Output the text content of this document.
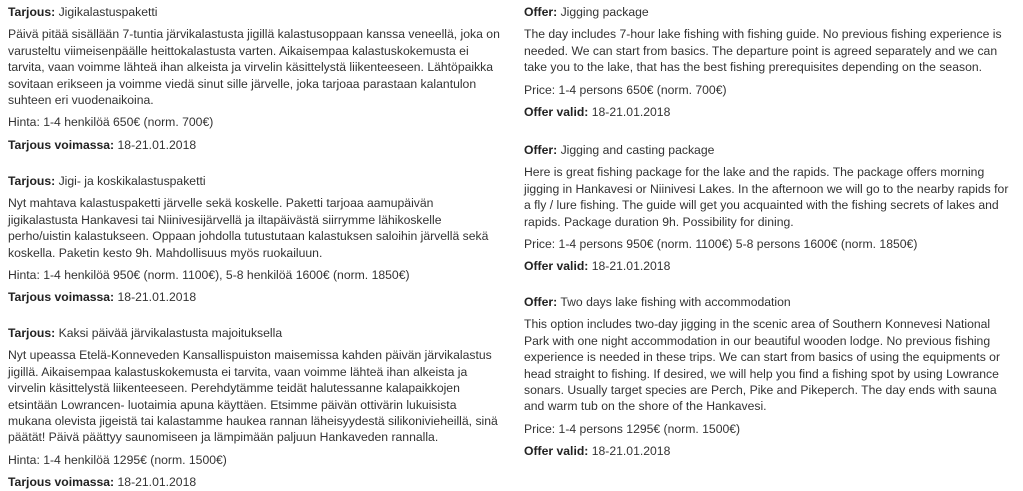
Tarjous: Jigikalastuspaketti

Päivä pitää sisällään 7-tuntia järvikalastusta jigillä kalastusoppaan kanssa veneellä, joka on varusteltu viimeisenpäälle heittokalastusta varten. Aikaisempaa kalastuskokemusta ei tarvita, vaan voimme lähteä ihan alkeista ja virvelin käsittelystä liikenteeseen. Lähtöpaikka sovitaan erikseen ja voimme viedä sinut sille järvelle, joka tarjoaa parastaan kalantulon suhteen eri vuodenaikoina.

Hinta: 1-4 henkilöä 650€ (norm. 700€)

Tarjous voimassa: 18-21.01.2018

Tarjous: Jigi- ja koskikalastuspaketti

Nyt mahtava kalastuspaketti järvelle sekä koskelle. Paketti tarjoaa aamupäivän jigikalastusta Hankavesi tai Niinivesijärvellä ja iltapäivästä siirrymme lähikoskelle perho/uistin kalastukseen. Oppaan johdolla tutustutaan kalastuksen saloihin järvellä sekä koskella. Paketin kesto 9h. Mahdollisuus myös ruokailuun.

Hinta: 1-4 henkilöä 950€ (norm. 1100€), 5-8 henkilöä 1600€ (norm. 1850€)

Tarjous voimassa: 18-21.01.2018

Tarjous: Kaksi päivää järvikalastusta majoituksella

Nyt upeassa Etelä-Konneveden Kansallispuiston maisemissa kahden päivän järvikalastus jigillä. Aikaisempaa kalastuskokemusta ei tarvita, vaan voimme lähteä ihan alkeista ja virvelin käsittelystä liikenteeseen. Perehdytämme teidät halutessanne kalapaikkojen etsintään Lowrancen- luotaimia apuna käyttäen. Etsimme päivän ottivärin lukuisista mukana olevista jigeistä tai kalastamme haukea rannan läheisyydestä silikonivieheillä, sinä päätät! Päivä päättyy saunomiseen ja lämpimään paljuun Hankaveden rannalla.

Hinta: 1-4 henkilöä 1295€ (norm. 1500€)

Tarjous voimassa: 18-21.01.2018

Offer: Jigging package

The day includes 7-hour lake fishing with fishing guide. No previous fishing experience is needed. We can start from basics. The departure point is agreed separately and we can take you to the lake, that has the best fishing prerequisites depending on the season.

Price: 1-4 persons 650€ (norm. 700€)

Offer valid: 18-21.01.2018

Offer: Jigging and casting package

Here is great fishing package for the lake and the rapids. The package offers morning jigging in Hankavesi or Niinivesi Lakes. In the afternoon we will go to the nearby rapids for a fly / lure fishing. The guide will get you acquainted with the fishing secrets of lakes and rapids. Package duration 9h. Possibility for dining.

Price: 1-4 persons 950€ (norm. 1100€) 5-8 persons 1600€ (norm. 1850€)

Offer valid: 18-21.01.2018

Offer: Two days lake fishing with accommodation

This option includes two-day jigging in the scenic area of Southern Konnevesi National Park with one night accommodation in our beautiful wooden lodge. No previous fishing experience is needed in these trips. We can start from basics of using the equipments or head straight to fishing. If desired, we will help you find a fishing spot by using Lowrance sonars. Usually target species are Perch, Pike and Pikeperch. The day ends with sauna and warm tub on the shore of the Hankavesi.

Price: 1-4 persons 1295€ (norm. 1500€)

Offer valid: 18-21.01.2018
